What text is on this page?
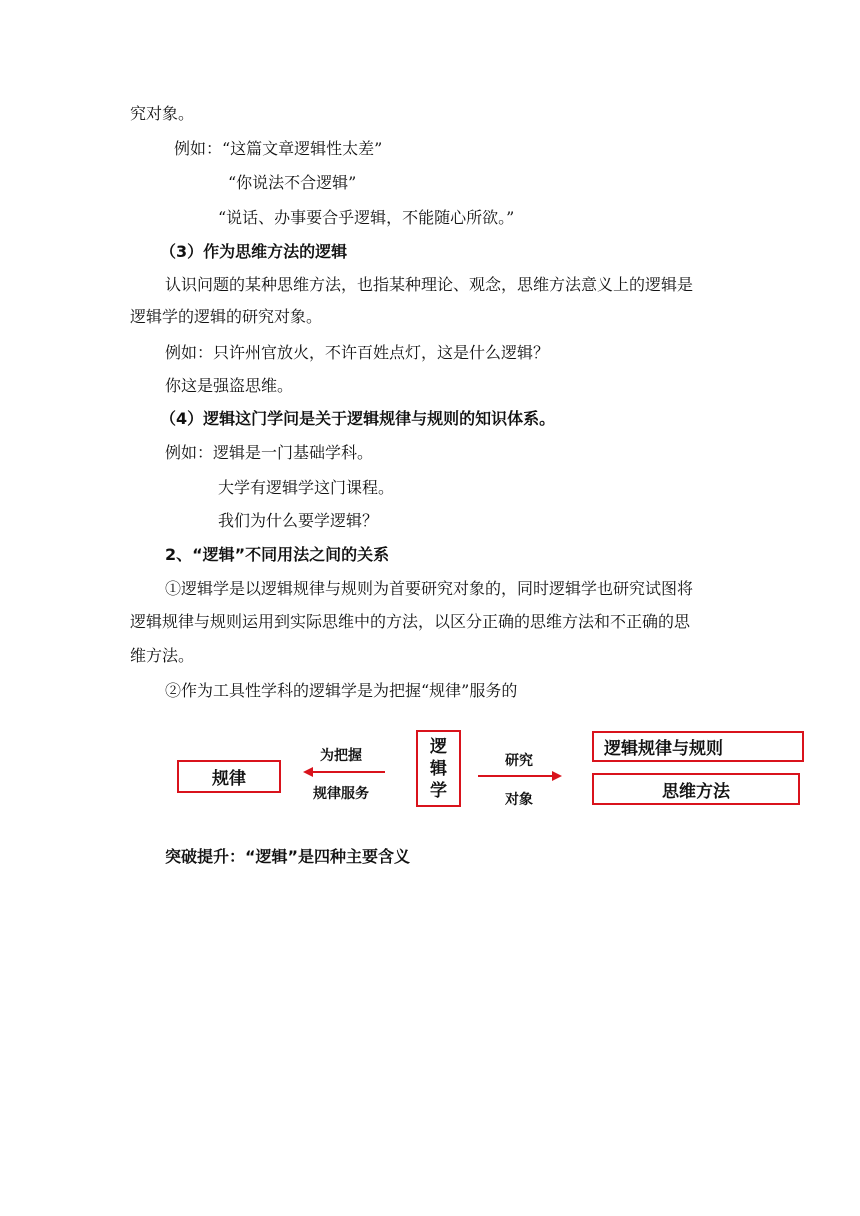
究对象。
例如：“这篇文章逻辑性太差”
“你说法不合逻辑”
“说话、办事要合乎逻辑，不能随心所欲。”
（3）作为思维方法的逻辑
认识问题的某种思维方法，也指某种理论、观念，思维方法意义上的逻辑是
逻辑学的逻辑的研究对象。
例如：只许州官放火，不许百姓点灯，这是什么逻辑？
你这是强盗思维。
（4）逻辑这门学问是关于逻辑规律与规则的知识体系。
例如：逻辑是一门基础学科。
大学有逻辑学这门课程。
我们为什么要学逻辑？
2、“逻辑”不同用法之间的关系
①逻辑学是以逻辑规律与规则为首要研究对象的，同时逻辑学也研究试图将
逻辑规律与规则运用到实际思维中的方法，以区分正确的思维方法和不正确的思
维方法。
②作为工具性学科的逻辑学是为把握“规律”服务的
规律
为把握
规律服务
逻
辑
学
研究
对象
逻辑规律与规则
思维方法
突破提升：“逻辑”是四种主要含义
